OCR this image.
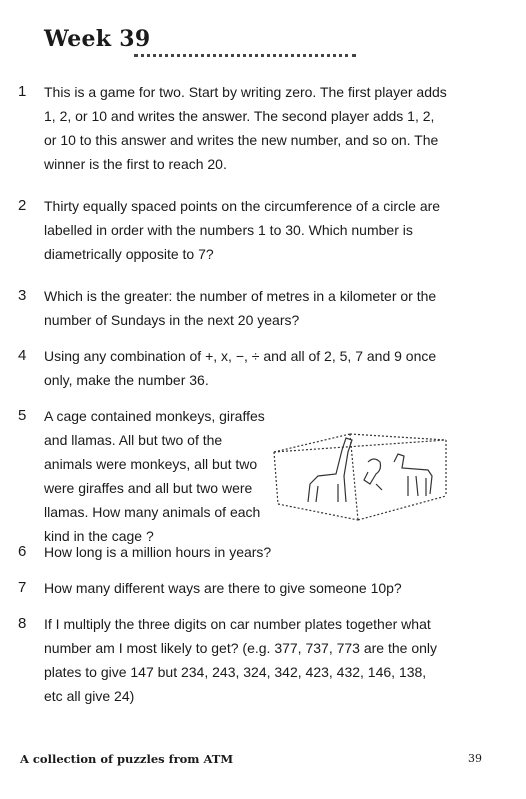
Week 39
1 This is a game for two. Start by writing zero. The first player adds 1, 2, or 10 and writes the answer. The second player adds 1, 2, or 10 to this answer and writes the new number, and so on. The winner is the first to reach 20.
2 Thirty equally spaced points on the circumference of a circle are labelled in order with the numbers 1 to 30. Which number is diametrically opposite to 7?
3 Which is the greater: the number of metres in a kilometer or the number of Sundays in the next 20 years?
4 Using any combination of +, x, −, ÷ and all of 2, 5, 7 and 9 once only, make the number 36.
5 A cage contained monkeys, giraffes and llamas. All but two of the animals were monkeys, all but two were giraffes and all but two were llamas. How many animals of each kind in the cage ?
6 How long is a million hours in years?
7 How many different ways are there to give someone 10p?
8 If I multiply the three digits on car number plates together what number am I most likely to get? (e.g. 377, 737, 773 are the only plates to give 147 but 234, 243, 324, 342, 423, 432, 146, 138, etc all give 24)
A collection of puzzles from ATM	39
